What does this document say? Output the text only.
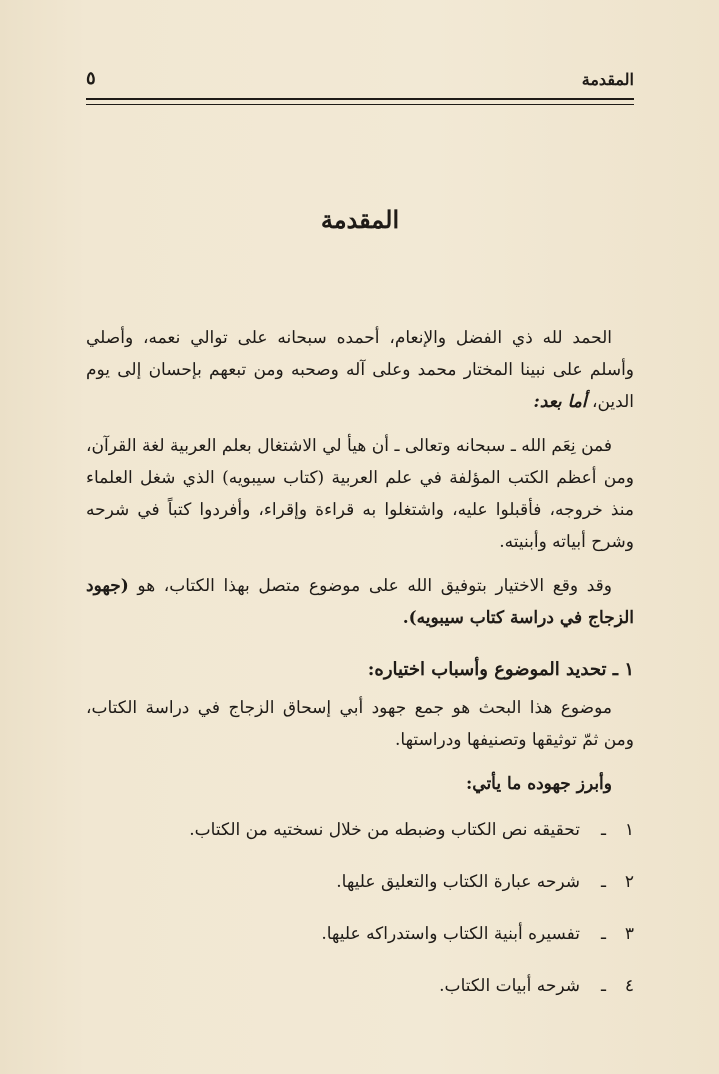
المقدمة
٥
المقدمة

الحمد لله ذي الفضل والإنعام، أحمده سبحانه على توالي نعمه، وأصلي وأسلم على نبينا المختار محمد وعلى آله وصحبه ومن تبعهم بإحسان إلى يوم الدين، أما بعد:

فمن نِعَم الله ـ سبحانه وتعالى ـ أن هيأ لي الاشتغال بعلم العربية لغة القرآن، ومن أعظم الكتب المؤلفة في علم العربية (كتاب سيبويه) الذي شغل العلماء منذ خروجه، فأقبلوا عليه، واشتغلوا به قراءة وإقراء، وأفردوا كتباً في شرحه وشرح أبياته وأبنيته.

وقد وقع الاختيار بتوفيق الله على موضوع متصل بهذا الكتاب، هو (جهود الزجاج في دراسة كتاب سيبويه).

١ ـ تحديد الموضوع وأسباب اختياره:

موضوع هذا البحث هو جمع جهود أبي إسحاق الزجاج في دراسة الكتاب، ومن ثمّ توثيقها وتصنيفها ودراستها.

وأبرز جهوده ما يأتي:
١
ـ
تحقيقه نص الكتاب وضبطه من خلال نسختيه من الكتاب.
٢
ـ
شرحه عبارة الكتاب والتعليق عليها.
٣
ـ
تفسيره أبنية الكتاب واستدراكه عليها.
٤
ـ
شرحه أبيات الكتاب.
